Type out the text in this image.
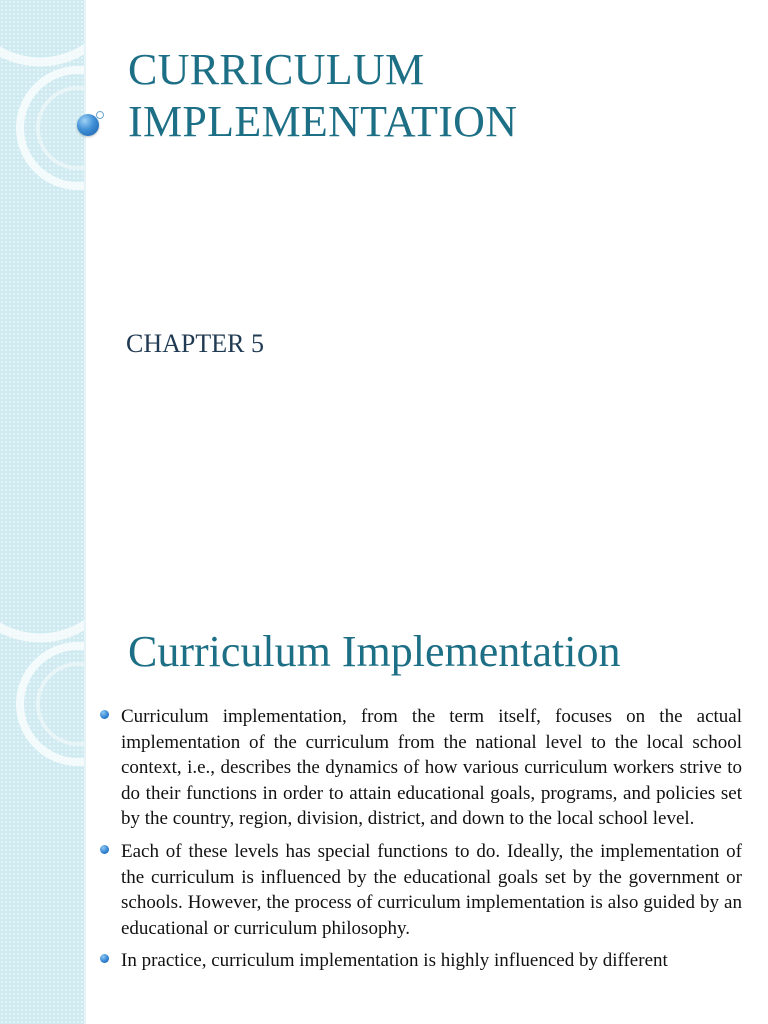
CURRICULUM
IMPLEMENTATION
CHAPTER 5
Curriculum Implementation
Curriculum implementation, from the term itself, focuses on the actual implementation of the curriculum from the national level to the local school context, i.e., describes the dynamics of how various curriculum workers strive to do their functions in order to attain educational goals, programs, and policies set by the country, region, division, district, and down to the local school level.
Each of these levels has special functions to do. Ideally, the implementation of the curriculum is influenced by the educational goals set by the government or schools. However, the process of curriculum implementation is also guided by an educational or curriculum philosophy.
In practice, curriculum implementation is highly influenced by different
